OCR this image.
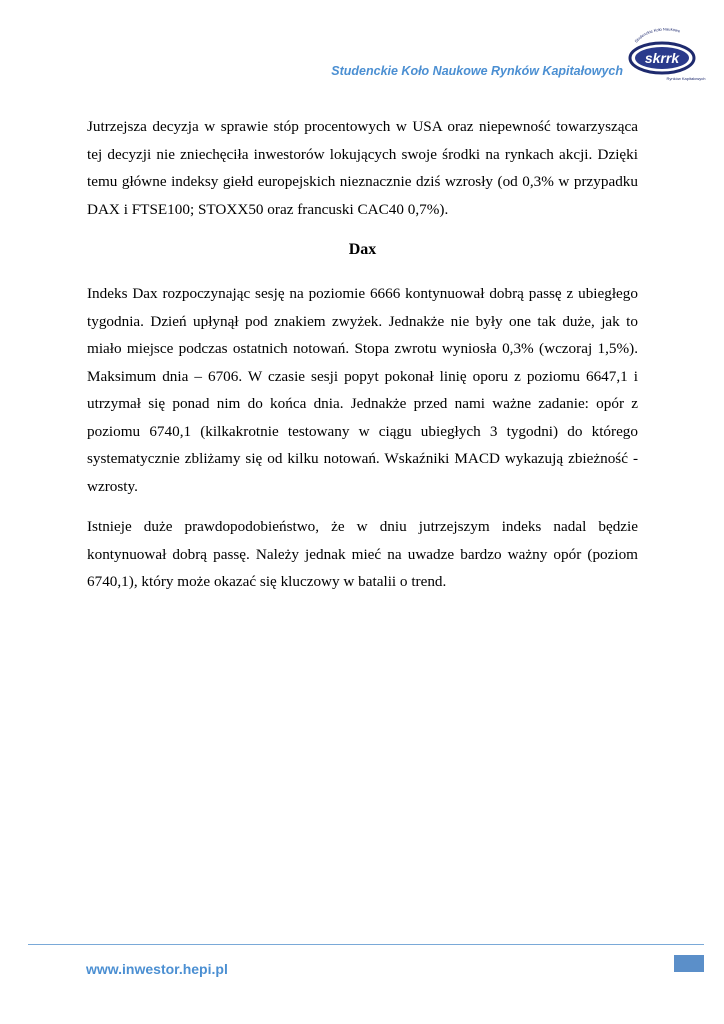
Studenckie Koło Naukowe Rynków Kapitałowych
Studenckie Koło Naukowe
skrrk
Rynków Kapitałowych

Jutrzejsza decyzja w sprawie stóp procentowych w USA oraz niepewność towarzysząca tej decyzji nie zniechęciła inwestorów lokujących swoje środki na rynkach akcji. Dzięki temu główne indeksy giełd europejskich nieznacznie dziś wzrosły (od 0,3% w przypadku DAX i FTSE100; STOXX50 oraz francuski CAC40 0,7%).

Dax

Indeks Dax rozpoczynając sesję na poziomie 6666 kontynuował dobrą passę z ubiegłego tygodnia. Dzień upłynął pod znakiem zwyżek. Jednakże nie były one tak duże, jak to miało miejsce podczas ostatnich notowań. Stopa zwrotu wyniosła 0,3% (wczoraj 1,5%). Maksimum dnia – 6706. W czasie sesji popyt pokonał linię oporu z poziomu 6647,1 i utrzymał się ponad nim do końca dnia. Jednakże przed nami ważne zadanie: opór z poziomu 6740,1 (kilkakrotnie testowany w ciągu ubiegłych 3 tygodni) do którego systematycznie zbliżamy się od kilku notowań. Wskaźniki MACD wykazują zbieżność - wzrosty.

Istnieje duże prawdopodobieństwo, że w dniu jutrzejszym indeks nadal będzie kontynuował dobrą passę. Należy jednak mieć na uwadze bardzo ważny opór (poziom 6740,1), który może okazać się kluczowy w batalii o trend.

www.inwestor.hepi.pl
